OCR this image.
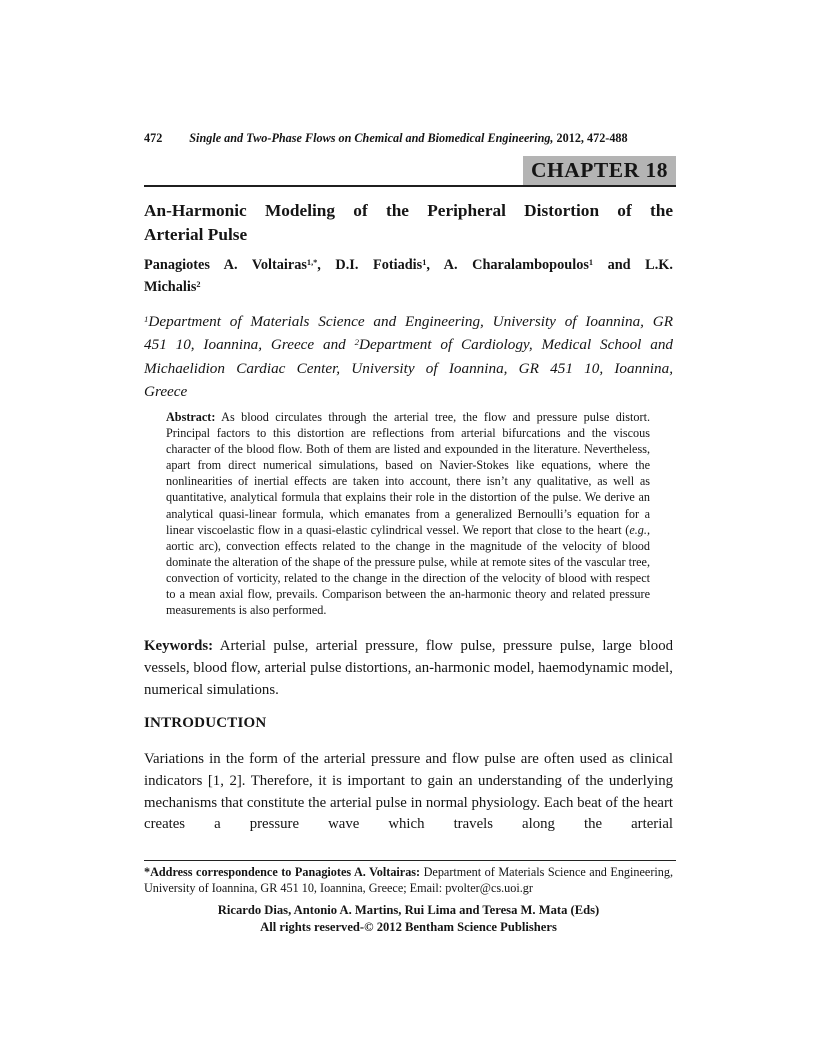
472 Single and Two-Phase Flows on Chemical and Biomedical Engineering, 2012, 472-488
CHAPTER 18
An-Harmonic Modeling of the Peripheral Distortion of the
Arterial Pulse
Panagiotes A. Voltairas$^{1,*}$, D.I. Fotiadis$^1$, A. Charalambopoulos$^1$ and L.K.
Michalis$^2$
$^1$Department of Materials Science and Engineering, University of Ioannina, GR
451 10, Ioannina, Greece and $^2$Department of Cardiology, Medical School and
Michaelidion Cardiac Center, University of Ioannina, GR 451 10, Ioannina,
Greece
Abstract: As blood circulates through the arterial tree, the flow and pressure pulse distort. Principal factors to this distortion are reflections from arterial bifurcations and the viscous character of the blood flow. Both of them are listed and expounded in the literature. Nevertheless, apart from direct numerical simulations, based on Navier-Stokes like equations, where the nonlinearities of inertial effects are taken into account, there isn’t any qualitative, as well as quantitative, analytical formula that explains their role in the distortion of the pulse. We derive an analytical quasi-linear formula, which emanates from a generalized Bernoulli’s equation for a linear viscoelastic flow in a quasi-elastic cylindrical vessel. We report that close to the heart (e.g., aortic arc), convection effects related to the change in the magnitude of the velocity of blood dominate the alteration of the shape of the pressure pulse, while at remote sites of the vascular tree, convection of vorticity, related to the change in the direction of the velocity of blood with respect to a mean axial flow, prevails. Comparison between the an-harmonic theory and related pressure measurements is also performed.
Keywords: Arterial pulse, arterial pressure, flow pulse, pressure pulse, large blood vessels, blood flow, arterial pulse distortions, an-harmonic model, haemodynamic model, numerical simulations.
INTRODUCTION

Variations in the form of the arterial pressure and flow pulse are often used as clinical indicators [1, 2]. Therefore, it is important to gain an understanding of the underlying mechanisms that constitute the arterial pulse in normal physiology. Each beat of the heart creates a pressure wave which travels along the arterial

*Address correspondence to Panagiotes A. Voltairas: Department of Materials Science and Engineering, University of Ioannina, GR 451 10, Ioannina, Greece; Email: pvolter@cs.uoi.gr
Ricardo Dias, Antonio A. Martins, Rui Lima and Teresa M. Mata (Eds)
All rights reserved-© 2012 Bentham Science Publishers
